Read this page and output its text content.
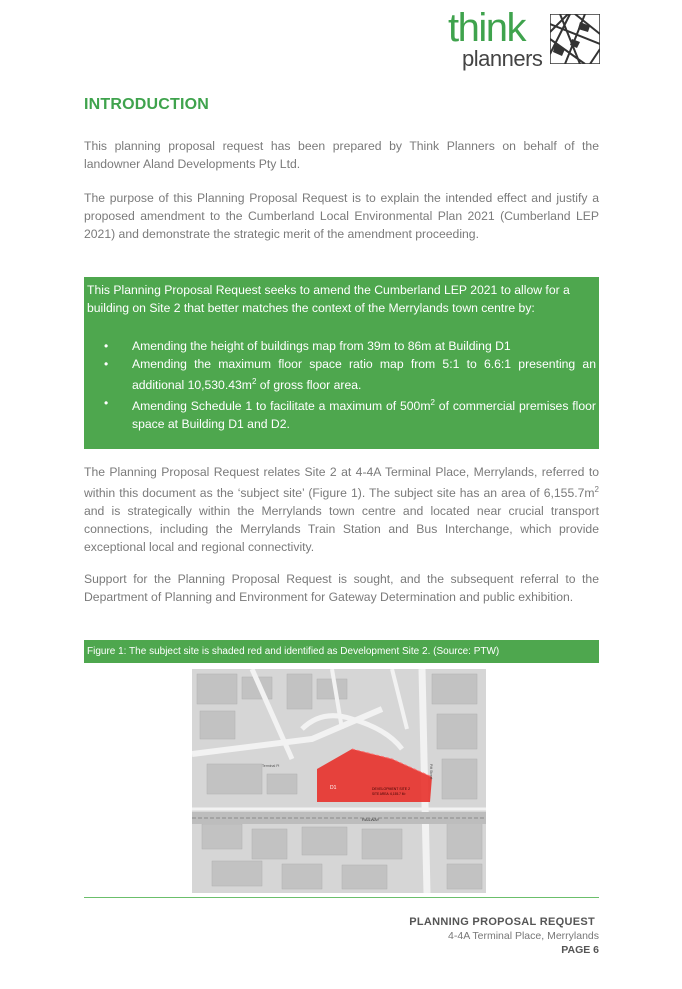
think
planners
INTRODUCTION

This planning proposal request has been prepared by Think Planners on behalf of the landowner Aland Developments Pty Ltd.

The purpose of this Planning Proposal Request is to explain the intended effect and justify a proposed amendment to the Cumberland Local Environmental Plan 2021 (Cumberland LEP 2021) and demonstrate the strategic merit of the amendment proceeding.

This Planning Proposal Request seeks to amend the Cumberland LEP 2021 to allow for a building on Site 2 that better matches the context of the Merrylands town centre by:

• Amending the height of buildings map from 39m to 86m at Building D1
• Amending the maximum floor space ratio map from 5:1 to 6.6:1 presenting an additional $10,530.43m^2$ of gross floor area.
• Amending Schedule 1 to facilitate a maximum of $500m^2$ of commercial premises floor space at Building D1 and D2.

The Planning Proposal Request relates Site 2 at 4-4A Terminal Place, Merrylands, referred to within this document as the ‘subject site’ (Figure 1). The subject site has an area of $6,155.7m^2$ and is strategically within the Merrylands town centre and located near crucial transport connections, including the Merrylands Train Station and Bus Interchange, which provide exceptional local and regional connectivity.

Support for the Planning Proposal Request is sought, and the subsequent referral to the Department of Planning and Environment for Gateway Determination and public exhibition.

Figure 1: The subject site is shaded red and identified as Development Site 2. (Source: PTW)
D1	DEVELOPMENT SITE 2
SITE AREA: 6,155.7 M²
RAILWAY
Terminal Pl	Pitt Street
PLANNING PROPOSAL REQUEST
4-4A Terminal Place, Merrylands
PAGE 6
